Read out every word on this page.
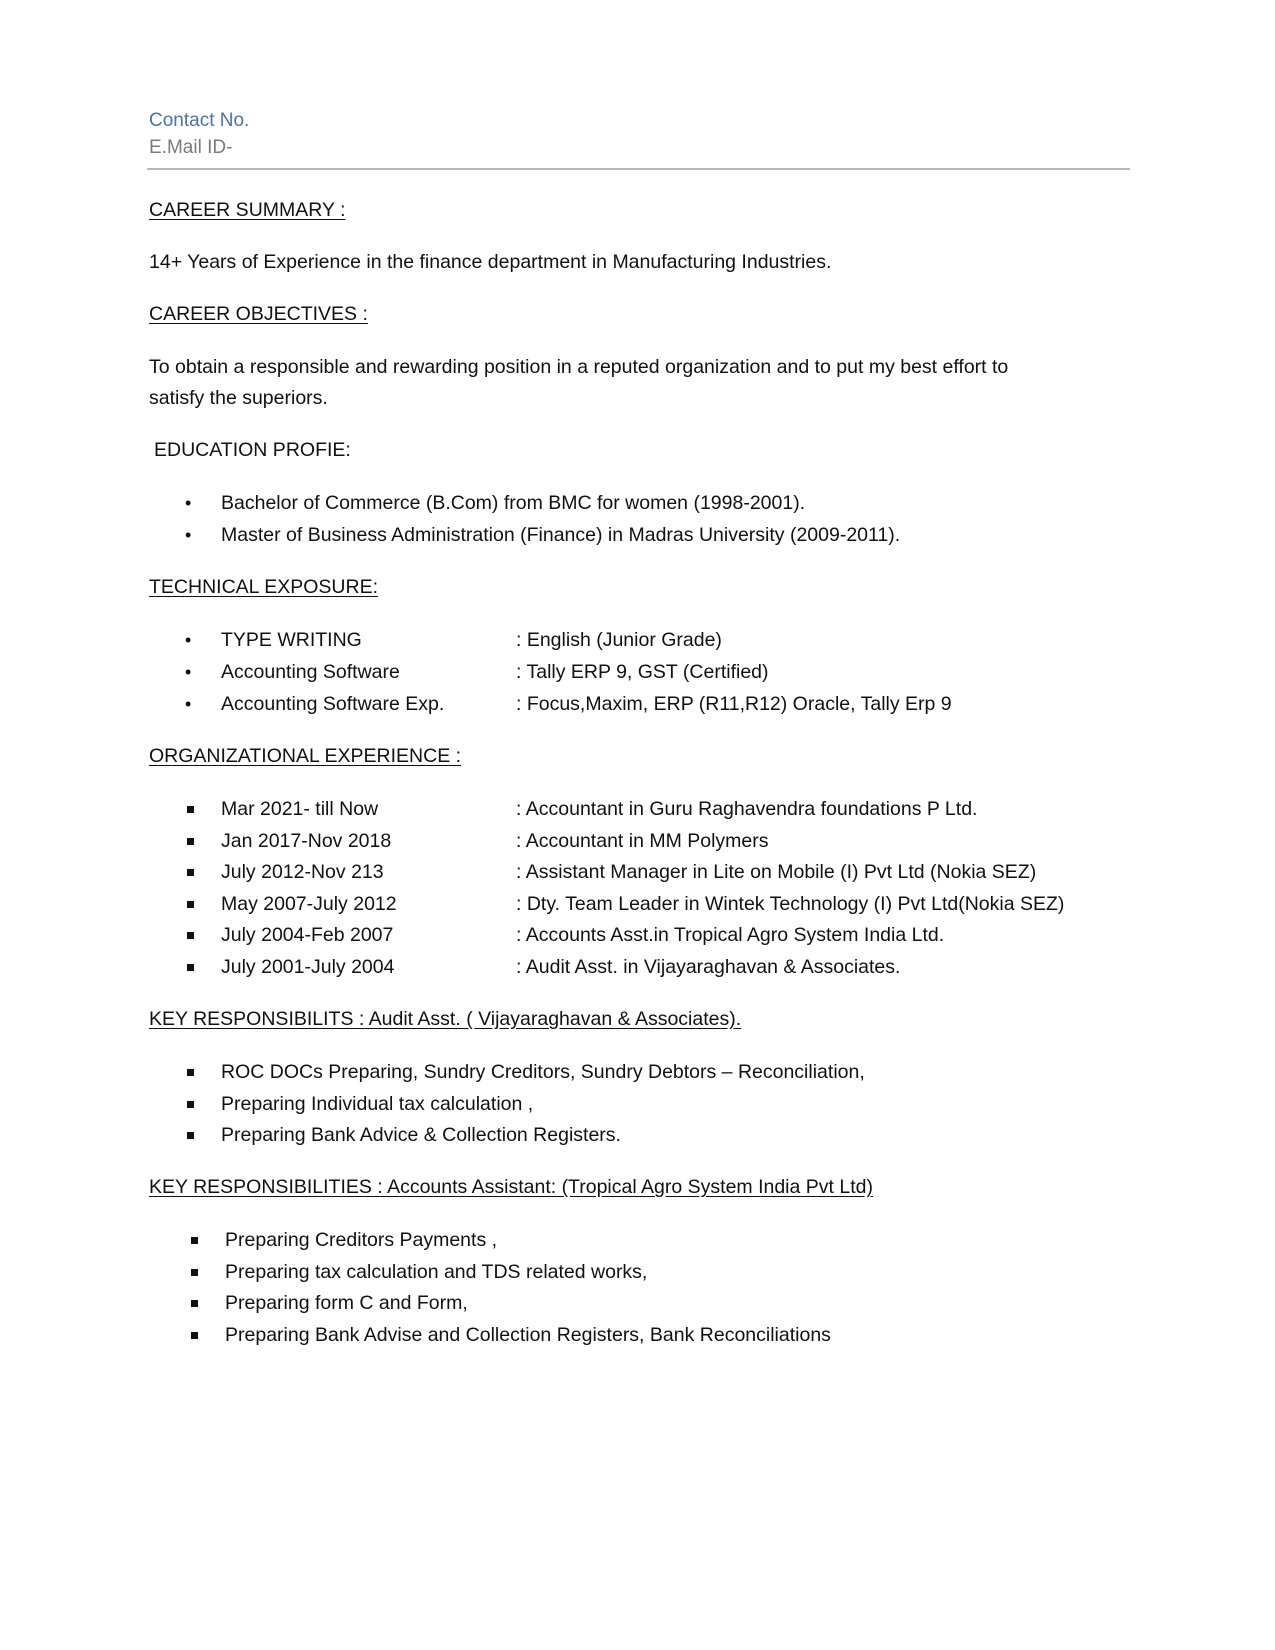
Contact No.
E.Mail ID-
CAREER SUMMARY :
14+ Years of Experience in the finance department in Manufacturing Industries.
CAREER OBJECTIVES :
To obtain a responsible and rewarding position in a reputed organization and to put my best effort to
satisfy the superiors.
EDUCATION PROFIE:
• Bachelor of Commerce (B.Com) from BMC for women (1998-2001).
• Master of Business Administration (Finance) in Madras University (2009-2011).
TECHNICAL EXPOSURE:
• TYPE WRITING	: English (Junior Grade)
• Accounting Software	: Tally ERP 9, GST (Certified)
• Accounting Software Exp.	: Focus,Maxim, ERP (R11,R12) Oracle, Tally Erp 9
ORGANIZATIONAL EXPERIENCE :
Mar 2021- till Now	: Accountant in Guru Raghavendra foundations P Ltd.
Jan 2017-Nov 2018	: Accountant in MM Polymers
July 2012-Nov 213	: Assistant Manager in Lite on Mobile (I) Pvt Ltd (Nokia SEZ)
May 2007-July 2012	: Dty. Team Leader in Wintek Technology (I) Pvt Ltd(Nokia SEZ)
July 2004-Feb 2007	: Accounts Asst.in Tropical Agro System India Ltd.
July 2001-July 2004	: Audit Asst. in Vijayaraghavan & Associates.
KEY RESPONSIBILITS : Audit Asst. ( Vijayaraghavan & Associates).
ROC DOCs Preparing, Sundry Creditors, Sundry Debtors – Reconciliation,
Preparing Individual tax calculation ,
Preparing Bank Advice & Collection Registers.
KEY RESPONSIBILITIES : Accounts Assistant: (Tropical Agro System India Pvt Ltd)
Preparing Creditors Payments ,
Preparing tax calculation and TDS related works,
Preparing form C and Form,
Preparing Bank Advise and Collection Registers, Bank Reconciliations
